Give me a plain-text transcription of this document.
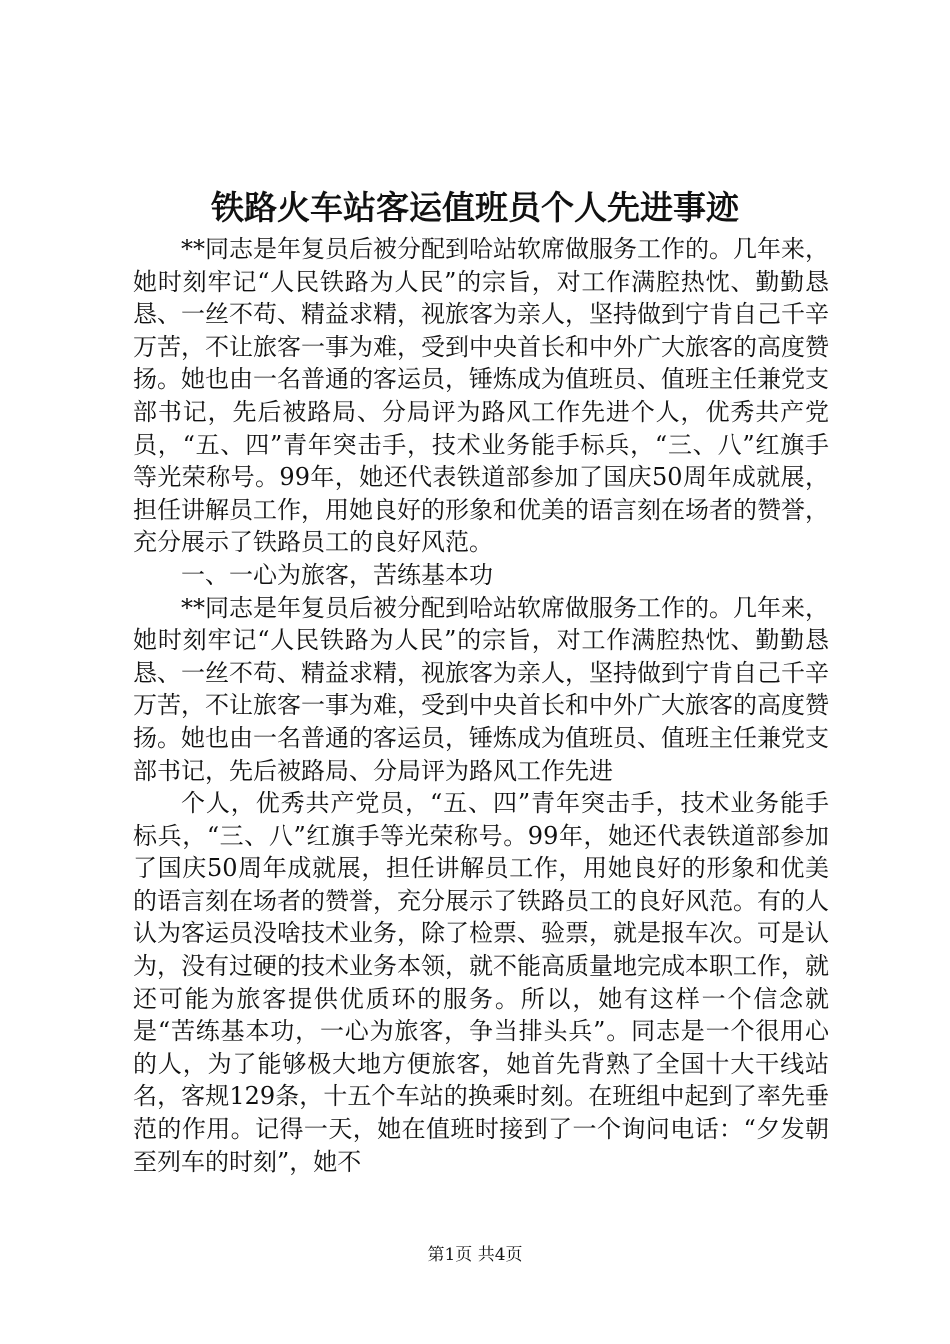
铁路火车站客运值班员个人先进事迹

**同志是年复员后被分配到哈站软席做服务工作的。几年来，她时刻牢记“人民铁路为人民”的宗旨，对工作满腔热忱、勤勤恳恳、一丝不苟、精益求精，视旅客为亲人，坚持做到宁肯自己千辛万苦，不让旅客一事为难，受到中央首长和中外广大旅客的高度赞扬。她也由一名普通的客运员，锤炼成为值班员、值班主任兼党支部书记，先后被路局、分局评为路风工作先进个人，优秀共产党员，“五、四”青年突击手，技术业务能手标兵，“三、八”红旗手等光荣称号。99年，她还代表铁道部参加了国庆50周年成就展，担任讲解员工作，用她良好的形象和优美的语言刻在场者的赞誉，充分展示了铁路员工的良好风范。

一、一心为旅客，苦练基本功

**同志是年复员后被分配到哈站软席做服务工作的。几年来，她时刻牢记“人民铁路为人民”的宗旨，对工作满腔热忱、勤勤恳恳、一丝不苟、精益求精，视旅客为亲人，坚持做到宁肯自己千辛万苦，不让旅客一事为难，受到中央首长和中外广大旅客的高度赞扬。她也由一名普通的客运员，锤炼成为值班员、值班主任兼党支部书记，先后被路局、分局评为路风工作先进

个人，优秀共产党员，“五、四”青年突击手，技术业务能手标兵，“三、八”红旗手等光荣称号。99年，她还代表铁道部参加了国庆50周年成就展，担任讲解员工作，用她良好的形象和优美的语言刻在场者的赞誉，充分展示了铁路员工的良好风范。有的人认为客运员没啥技术业务，除了检票、验票，就是报车次。可是认为，没有过硬的技术业务本领，就不能高质量地完成本职工作，就还可能为旅客提供优质环的服务。所以，她有这样一个信念就是“苦练基本功，一心为旅客，争当排头兵”。同志是一个很用心的人，为了能够极大地方便旅客，她首先背熟了全国十大干线站名，客规129条，十五个车站的换乘时刻。在班组中起到了率先垂范的作用。记得一天，她在值班时接到了一个询问电话：“夕发朝至列车的时刻”，她不

第1页 共4页
